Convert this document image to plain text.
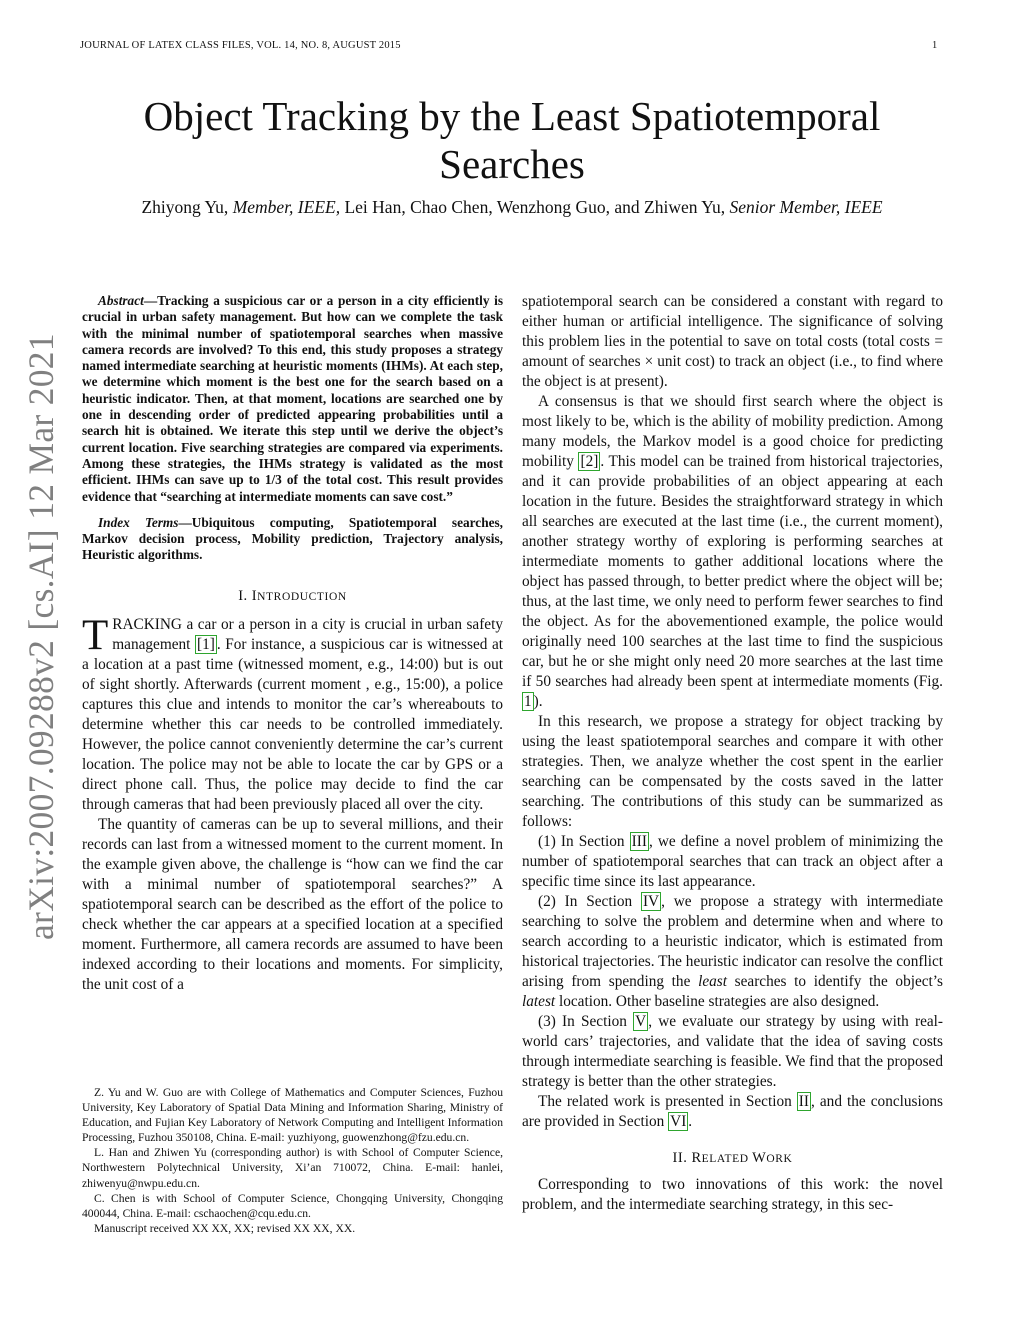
JOURNAL OF LATEX CLASS FILES, VOL. 14, NO. 8, AUGUST 2015	1
Object Tracking by the Least Spatiotemporal Searches
Zhiyong Yu, Member, IEEE, Lei Han, Chao Chen, Wenzhong Guo, and Zhiwen Yu, Senior Member, IEEE
arXiv:2007.09288v2 [cs.AI] 12 Mar 2021

Abstract—Tracking a suspicious car or a person in a city efficiently is crucial in urban safety management. But how can we complete the task with the minimal number of spatiotemporal searches when massive camera records are involved? To this end, this study proposes a strategy named intermediate searching at heuristic moments (IHMs). At each step, we determine which moment is the best one for the search based on a heuristic indicator. Then, at that moment, locations are searched one by one in descending order of predicted appearing probabilities until a search hit is obtained. We iterate this step until we derive the object’s current location. Five searching strategies are compared via experiments. Among these strategies, the IHMs strategy is validated as the most efficient. IHMs can save up to 1/3 of the total cost. This result provides evidence that “searching at intermediate moments can save cost.”

Index Terms—Ubiquitous computing, Spatiotemporal searches, Markov decision process, Mobility prediction, Trajectory analysis, Heuristic algorithms.

I. INTRODUCTION

TRACKING a car or a person in a city is crucial in urban safety management [1] . For instance, a suspicious car is witnessed at a location at a past time (witnessed moment, e.g., 14:00) but is out of sight shortly. Afterwards (current moment , e.g., 15:00), a police captures this clue and intends to monitor the car’s whereabouts to determine whether this car needs to be controlled immediately. However, the police cannot conveniently determine the car’s current location. The police may not be able to locate the car by GPS or a direct phone call. Thus, the police may decide to find the car through cameras that had been previously placed all over the city.

The quantity of cameras can be up to several millions, and their records can last from a witnessed moment to the current moment. In the example given above, the challenge is “how can we find the car with a minimal number of spatiotemporal searches?” A spatiotemporal search can be described as the effort of the police to check whether the car appears at a specified location at a specified moment. Furthermore, all camera records are assumed to have been indexed according to their locations and moments. For simplicity, the unit cost of a

Z. Yu and W. Guo are with College of Mathematics and Computer Sciences, Fuzhou University, Key Laboratory of Spatial Data Mining and Information Sharing, Ministry of Education, and Fujian Key Laboratory of Network Computing and Intelligent Information Processing, Fuzhou 350108, China. E-mail: yuzhiyong, guowenzhong@fzu.edu.cn.

L. Han and Zhiwen Yu (corresponding author) is with School of Computer Science, Northwestern Polytechnical University, Xi’an 710072, China. E-mail: hanlei, zhiwenyu@nwpu.edu.cn.

C. Chen is with School of Computer Science, Chongqing University, Chongqing 400044, China. E-mail: cschaochen@cqu.edu.cn.

Manuscript received XX XX, XX; revised XX XX, XX.

spatiotemporal search can be considered a constant with regard to either human or artificial intelligence. The significance of solving this problem lies in the potential to save on total costs (total costs = amount of searches × unit cost) to track an object (i.e., to find where the object is at present).

A consensus is that we should first search where the object is most likely to be, which is the ability of mobility prediction. Among many models, the Markov model is a good choice for predicting mobility [2] . This model can be trained from historical trajectories, and it can provide probabilities of an object appearing at each location in the future. Besides the straightforward strategy in which all searches are executed at the last time (i.e., the current moment), another strategy worthy of exploring is performing searches at intermediate moments to gather additional locations where the object has passed through, to better predict where the object will be; thus, at the last time, we only need to perform fewer searches to find the object. As for the abovementioned example, the police would originally need 100 searches at the last time to find the suspicious car, but he or she might only need 20 more searches at the last time if 50 searches had already been spent at intermediate moments (Fig. 1 ).

In this research, we propose a strategy for object tracking by using the least spatiotemporal searches and compare it with other strategies. Then, we analyze whether the cost spent in the earlier searching can be compensated by the costs saved in the latter searching. The contributions of this study can be summarized as follows:

(1) In Section III , we define a novel problem of minimizing the number of spatiotemporal searches that can track an object after a specific time since its last appearance.

(2) In Section IV , we propose a strategy with intermediate searching to solve the problem and determine when and where to search according to a heuristic indicator, which is estimated from historical trajectories. The heuristic indicator can resolve the conflict arising from spending the least searches to identify the object’s latest location. Other baseline strategies are also designed.

(3) In Section V , we evaluate our strategy by using with real-world cars’ trajectories, and validate that the idea of saving costs through intermediate searching is feasible. We find that the proposed strategy is better than the other strategies.

The related work is presented in Section II , and the conclusions are provided in Section VI .

II. RELATED WORK

Corresponding to two innovations of this work: the novel problem, and the intermediate searching strategy, in this sec-
